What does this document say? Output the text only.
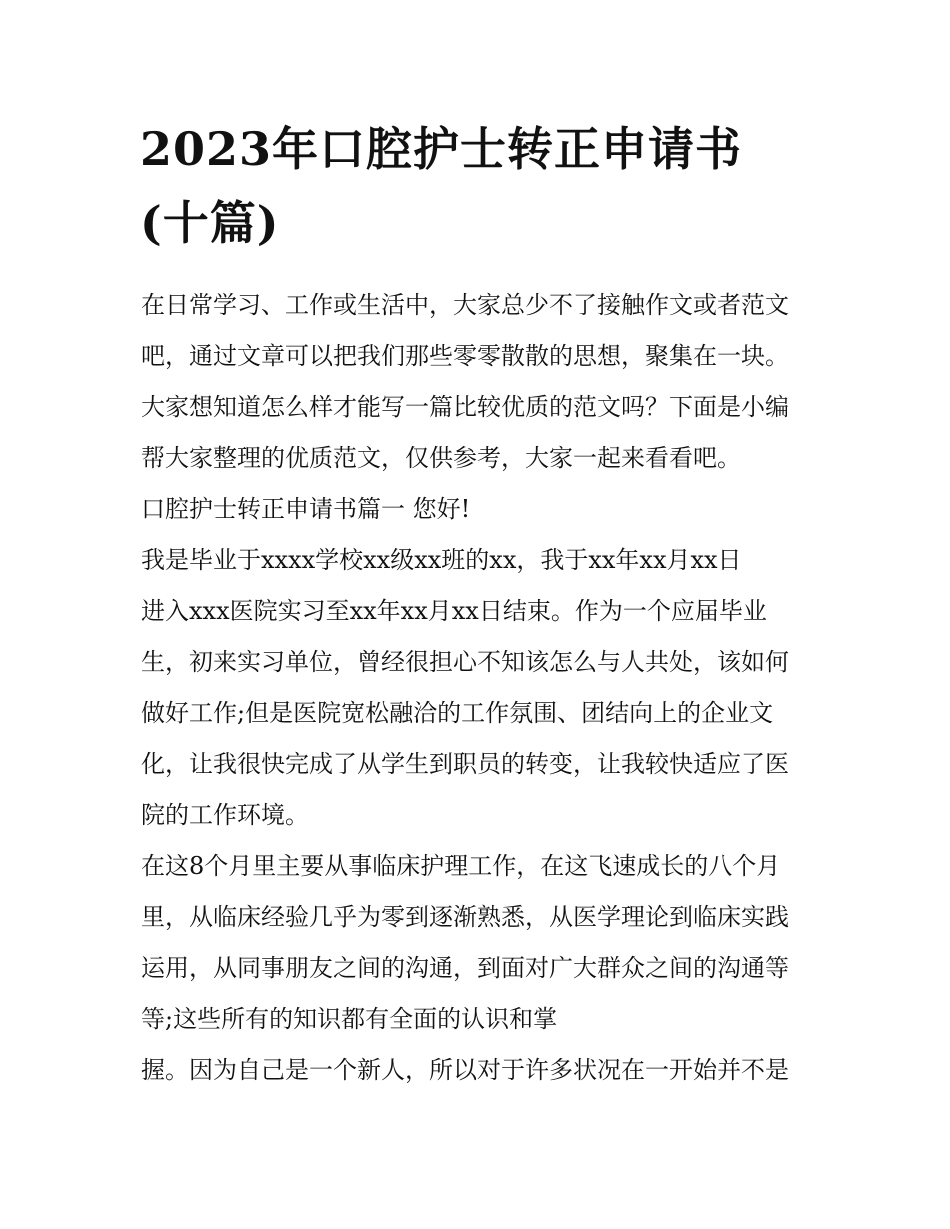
2023年口腔护士转正申请书
(十篇)
在日常学习、工作或生活中，大家总少不了接触作文或者范文
吧，通过文章可以把我们那些零零散散的思想，聚集在一块。
大家想知道怎么样才能写一篇比较优质的范文吗？下面是小编
帮大家整理的优质范文，仅供参考，大家一起来看看吧。
口腔护士转正申请书篇一 您好!
我是毕业于xxxx学校xx级xx班的xx，我于xx年xx月xx日
进入xxx医院实习至xx年xx月xx日结束。作为一个应届毕业
生，初来实习单位，曾经很担心不知该怎么与人共处，该如何
做好工作;但是医院宽松融洽的工作氛围、团结向上的企业文
化，让我很快完成了从学生到职员的转变，让我较快适应了医
院的工作环境。
在这8个月里主要从事临床护理工作，在这飞速成长的八个月
里，从临床经验几乎为零到逐渐熟悉，从医学理论到临床实践
运用，从同事朋友之间的沟通，到面对广大群众之间的沟通等
等;这些所有的知识都有全面的认识和掌
握。因为自己是一个新人，所以对于许多状况在一开始并不是
